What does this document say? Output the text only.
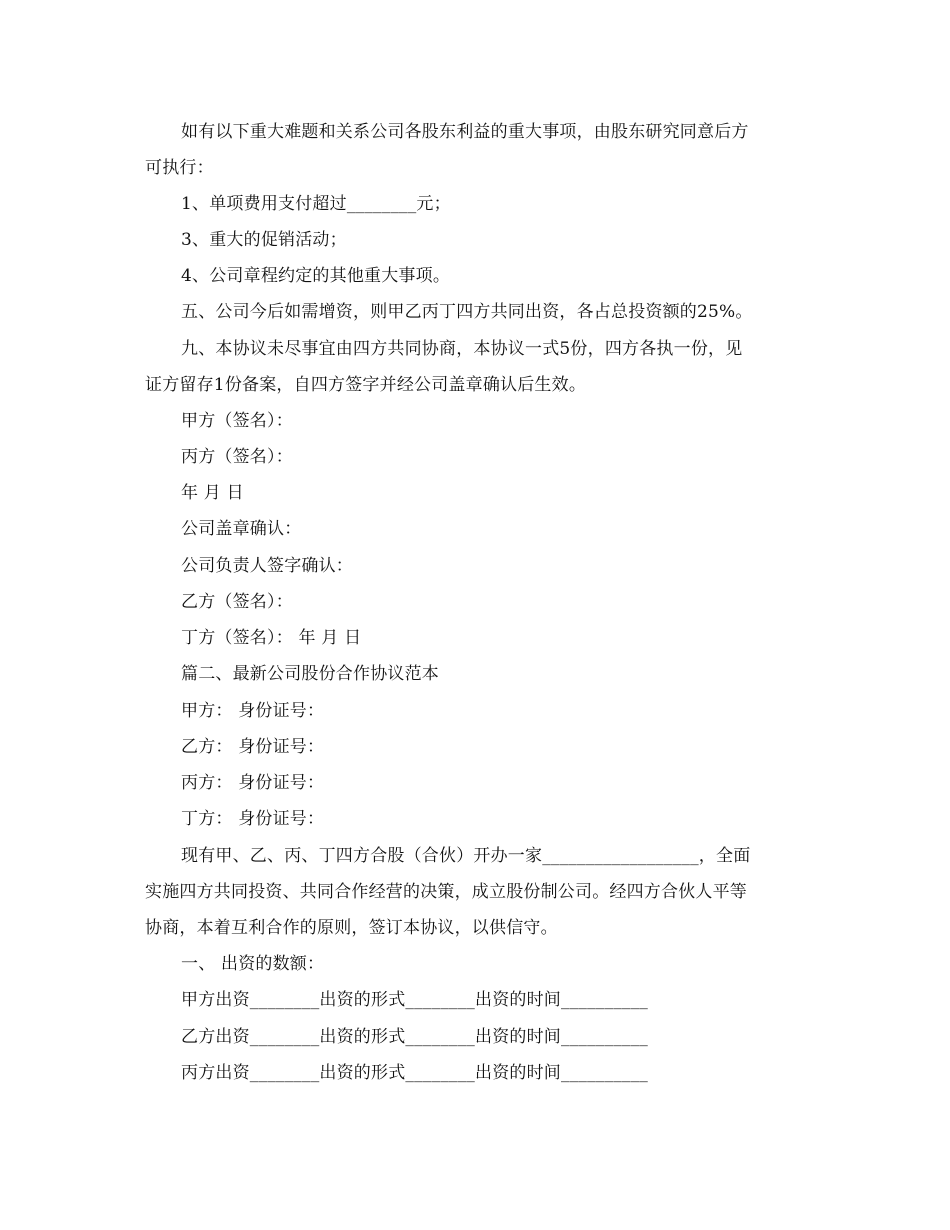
如有以下重大难题和关系公司各股东利益的重大事项，由股东研究同意后方
可执行：
1、单项费用支付超过________元；
3、重大的促销活动；
4、公司章程约定的其他重大事项。
五、公司今后如需增资，则甲乙丙丁四方共同出资，各占总投资额的25%。
九、本协议未尽事宜由四方共同协商，本协议一式5份，四方各执一份，见
证方留存1份备案，自四方签字并经公司盖章确认后生效。
甲方（签名）：
丙方（签名）：
年 月 日
公司盖章确认：
公司负责人签字确认：
乙方（签名）：
丁方（签名）： 年 月 日
篇二、最新公司股份合作协议范本
甲方： 身份证号：
乙方： 身份证号：
丙方： 身份证号：
丁方： 身份证号：
现有甲、乙、丙、丁四方合股（合伙）开办一家__________________，全面
实施四方共同投资、共同合作经营的决策，成立股份制公司。经四方合伙人平等
协商，本着互利合作的原则，签订本协议，以供信守。
一、 出资的数额：
甲方出资________出资的形式________出资的时间__________
乙方出资________出资的形式________出资的时间__________
丙方出资________出资的形式________出资的时间__________
